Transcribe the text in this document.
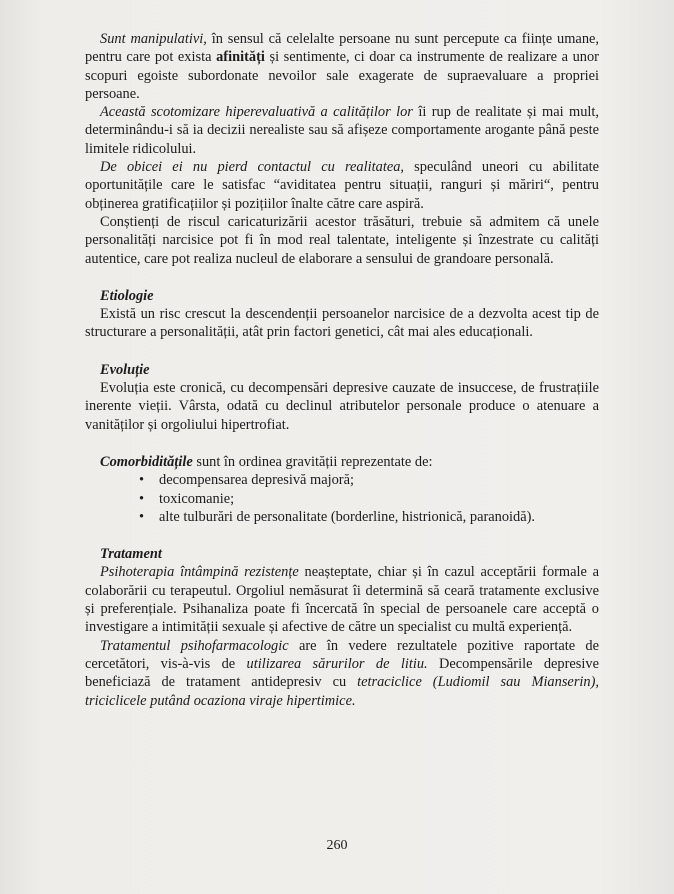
Sunt manipulativi, în sensul că celelalte persoane nu sunt percepute ca ființe umane, pentru care pot exista afinități și sentimente, ci doar ca instrumente de realizare a unor scopuri egoiste subordonate nevoilor sale exagerate de supraevaluare a propriei persoane.

Această scotomizare hiperevaluativă a calităților lor îi rup de realitate și mai mult, determinându-i să ia decizii nerealiste sau să afișeze comportamente arogante până peste limitele ridicolului.

De obicei ei nu pierd contactul cu realitatea, speculând uneori cu abilitate oportunitățile care le satisfac “aviditatea pentru situații, ranguri și măriri“, pentru obținerea gratificațiilor și pozițiilor înalte către care aspiră.

Conștienți de riscul caricaturizării acestor trăsături, trebuie să admitem că unele personalități narcisice pot fi în mod real talentate, inteligente și înzestrate cu calități autentice, care pot realiza nucleul de elaborare a sensului de grandoare personală.

Etiologie

Există un risc crescut la descendenții persoanelor narcisice de a dezvolta acest tip de structurare a personalității, atât prin factori genetici, cât mai ales educaționali.

Evoluție

Evoluția este cronică, cu decompensări depresive cauzate de insuccese, de frustrațiile inerente vieții. Vârsta, odată cu declinul atributelor personale produce o atenuare a vanităților și orgoliului hipertrofiat.

Comorbiditățile sunt în ordinea gravității reprezentate de:

• decompensarea depresivă majoră;
• toxicomanie;
• alte tulburări de personalitate (borderline, histrionică, paranoidă).

Tratament

Psihoterapia întâmpină rezistențe neașteptate, chiar și în cazul acceptării formale a colaborării cu terapeutul. Orgoliul nemăsurat îi determină să ceară tratamente exclusive și preferențiale. Psihanaliza poate fi încercată în special de persoanele care acceptă o investigare a intimității sexuale și afective de către un specialist cu multă experiență.

Tratamentul psihofarmacologic are în vedere rezultatele pozitive raportate de cercetători, vis-à-vis de utilizarea sărurilor de litiu. Decompensările depresive beneficiază de tratament antidepresiv cu tetraciclice (Ludiomil sau Mianserin), triciclicele putând ocaziona viraje hipertimice.

260
